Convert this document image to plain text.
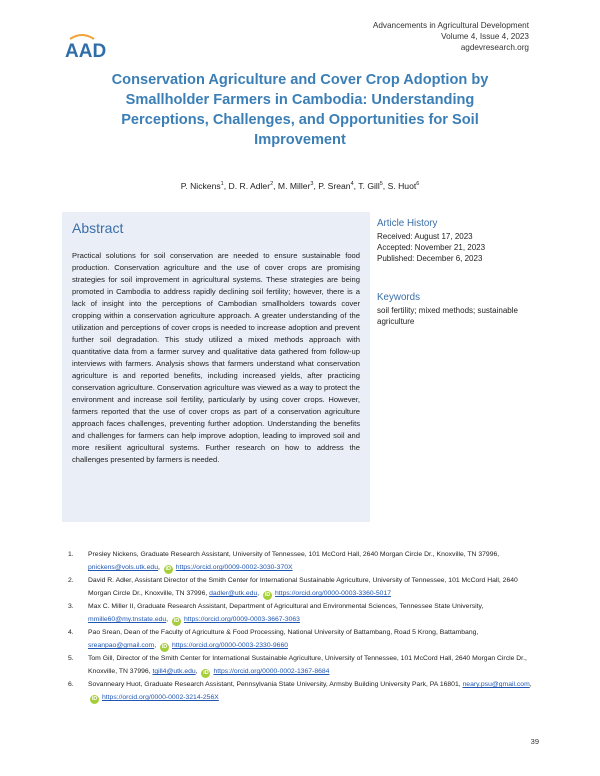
AAD
Advancements in Agricultural Development
Volume 4, Issue 4, 2023
agdevresearch.org
Conservation Agriculture and Cover Crop Adoption by Smallholder Farmers in Cambodia: Understanding Perceptions, Challenges, and Opportunities for Soil Improvement
P. Nickens$^1$, D. R. Adler$^2$, M. Miller$^3$, P. Srean$^4$, T. Gill$^5$, S. Huot$^6$
Abstract

Practical solutions for soil conservation are needed to ensure sustainable food production. Conservation agriculture and the use of cover crops are promising strategies for soil improvement in agricultural systems. These strategies are being promoted in Cambodia to address rapidly declining soil fertility; however, there is a lack of insight into the perceptions of Cambodian smallholders towards cover cropping within a conservation agriculture approach. A greater understanding of the utilization and perceptions of cover crops is needed to increase adoption and prevent further soil degradation. This study utilized a mixed methods approach with quantitative data from a farmer survey and qualitative data gathered from follow-up interviews with farmers. Analysis shows that farmers understand what conservation agriculture is and reported benefits, including increased yields, after practicing conservation agriculture. Conservation agriculture was viewed as a way to protect the environment and increase soil fertility, particularly by using cover crops. However, farmers reported that the use of cover crops as part of a conservation agriculture approach faces challenges, preventing further adoption. Understanding the benefits and challenges for farmers can help improve adoption, leading to improved soil and more resilient agricultural systems. Further research on how to address the challenges presented by farmers is needed.

Article History
Received: August 17, 2023
Accepted: November 21, 2023
Published: December 6, 2023
Keywords
soil fertility; mixed methods; sustainable agriculture
1. Presley Nickens, Graduate Research Assistant, University of Tennessee, 101 McCord Hall, 2640 Morgan Circle Dr., Knoxville, TN 37996, pnickens@vols.utk.edu, iD https://orcid.org/0009-0002-3030-370X
2. David R. Adler, Assistant Director of the Smith Center for International Sustainable Agriculture, University of Tennessee, 101 McCord Hall, 2640 Morgan Circle Dr., Knoxville, TN 37996, dadler@utk.edu, iD https://orcid.org/0000-0003-3360-5017
3. Max C. Miller II, Graduate Research Assistant, Department of Agricultural and Environmental Sciences, Tennessee State University, mmille60@my.tnstate.edu, iD https://orcid.org/0009-0003-3667-3063
4. Pao Srean, Dean of the Faculty of Agriculture & Food Processing, National University of Battambang, Road 5 Krong, Battambang, sreanpao@gmail.com, iD https://orcid.org/0000-0003-2330-9660
5. Tom Gill, Director of the Smith Center for International Sustainable Agriculture, University of Tennessee, 101 McCord Hall, 2640 Morgan Circle Dr., Knoxville, TN 37996, tgill4@utk.edu, iD https://orcid.org/0000-0002-1367-8684
6. Sovanneary Huot, Graduate Research Assistant, Pennsylvania State University, Armsby Building University Park, PA 16801, neary.psu@gmail.com, iD https://orcid.org/0000-0002-3214-256X
39
